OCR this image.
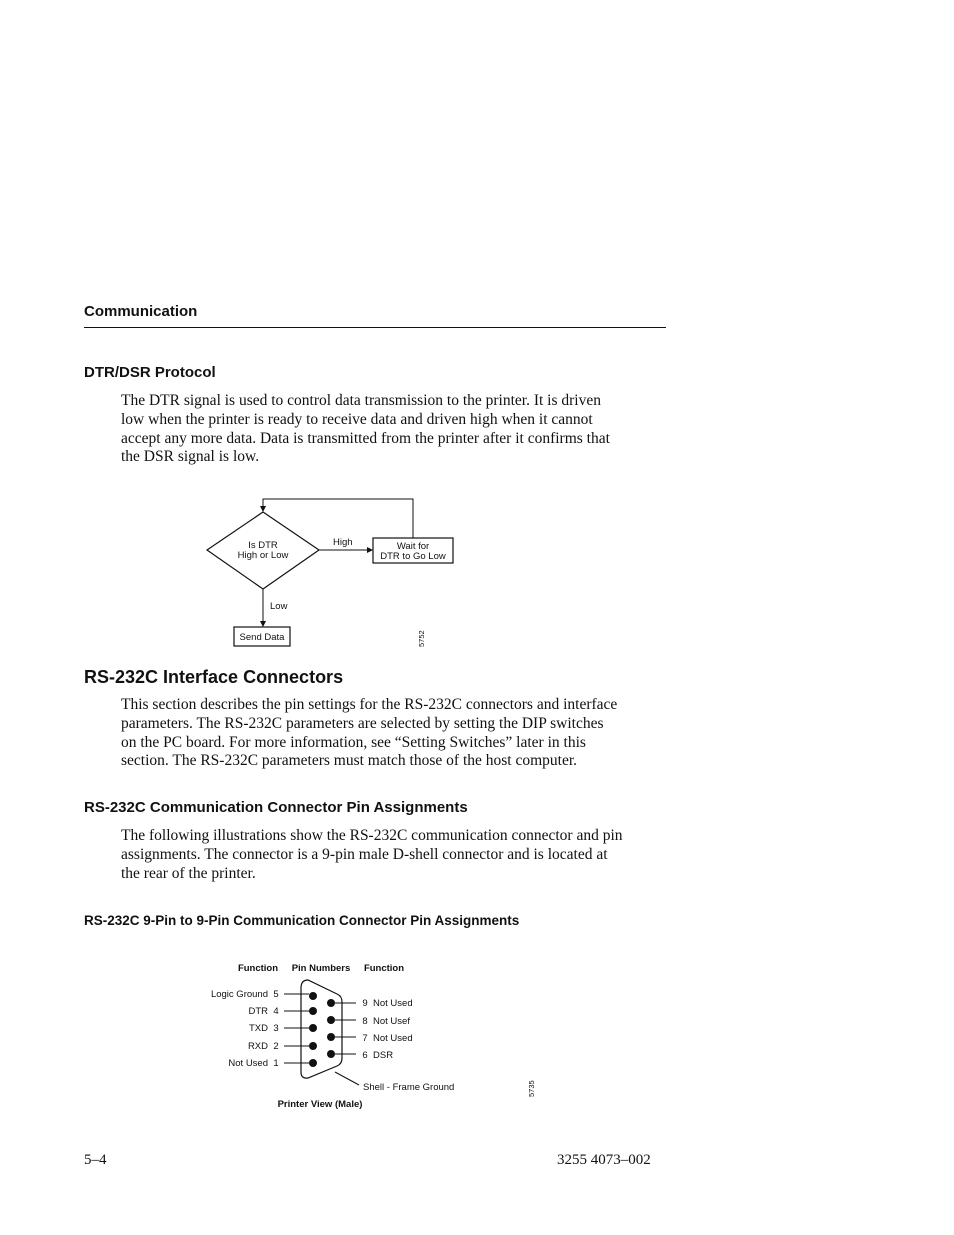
Communication
DTR/DSR Protocol
The DTR signal is used to control data transmission to the printer. It is driven
low when the printer is ready to receive data and driven high when it cannot
accept any more data. Data is transmitted from the printer after it confirms that
the DSR signal is low.
Is DTR
High or Low
High	Wait for
DTR to Go Low
Low
Send Data	5752
RS-232C Interface Connectors
This section describes the pin settings for the RS-232C connectors and interface
parameters. The RS-232C parameters are selected by setting the DIP switches
on the PC board. For more information, see “Setting Switches” later in this
section. The RS-232C parameters must match those of the host computer.
RS-232C Communication Connector Pin Assignments
The following illustrations show the RS-232C communication connector and pin
assignments. The connector is a 9-pin male D-shell connector and is located at
the rear of the printer.
RS-232C 9-Pin to 9-Pin Communication Connector Pin Assignments
Function Pin Numbers Function
Logic Ground 5
DTR 4
TXD 3
RXD 2
Not Used 1
9 Not Used
8 Not Usef
7 Not Used
6 DSR
Shell - Frame Ground
Printer View (Male)
5735
5–4	3255 4073–002
